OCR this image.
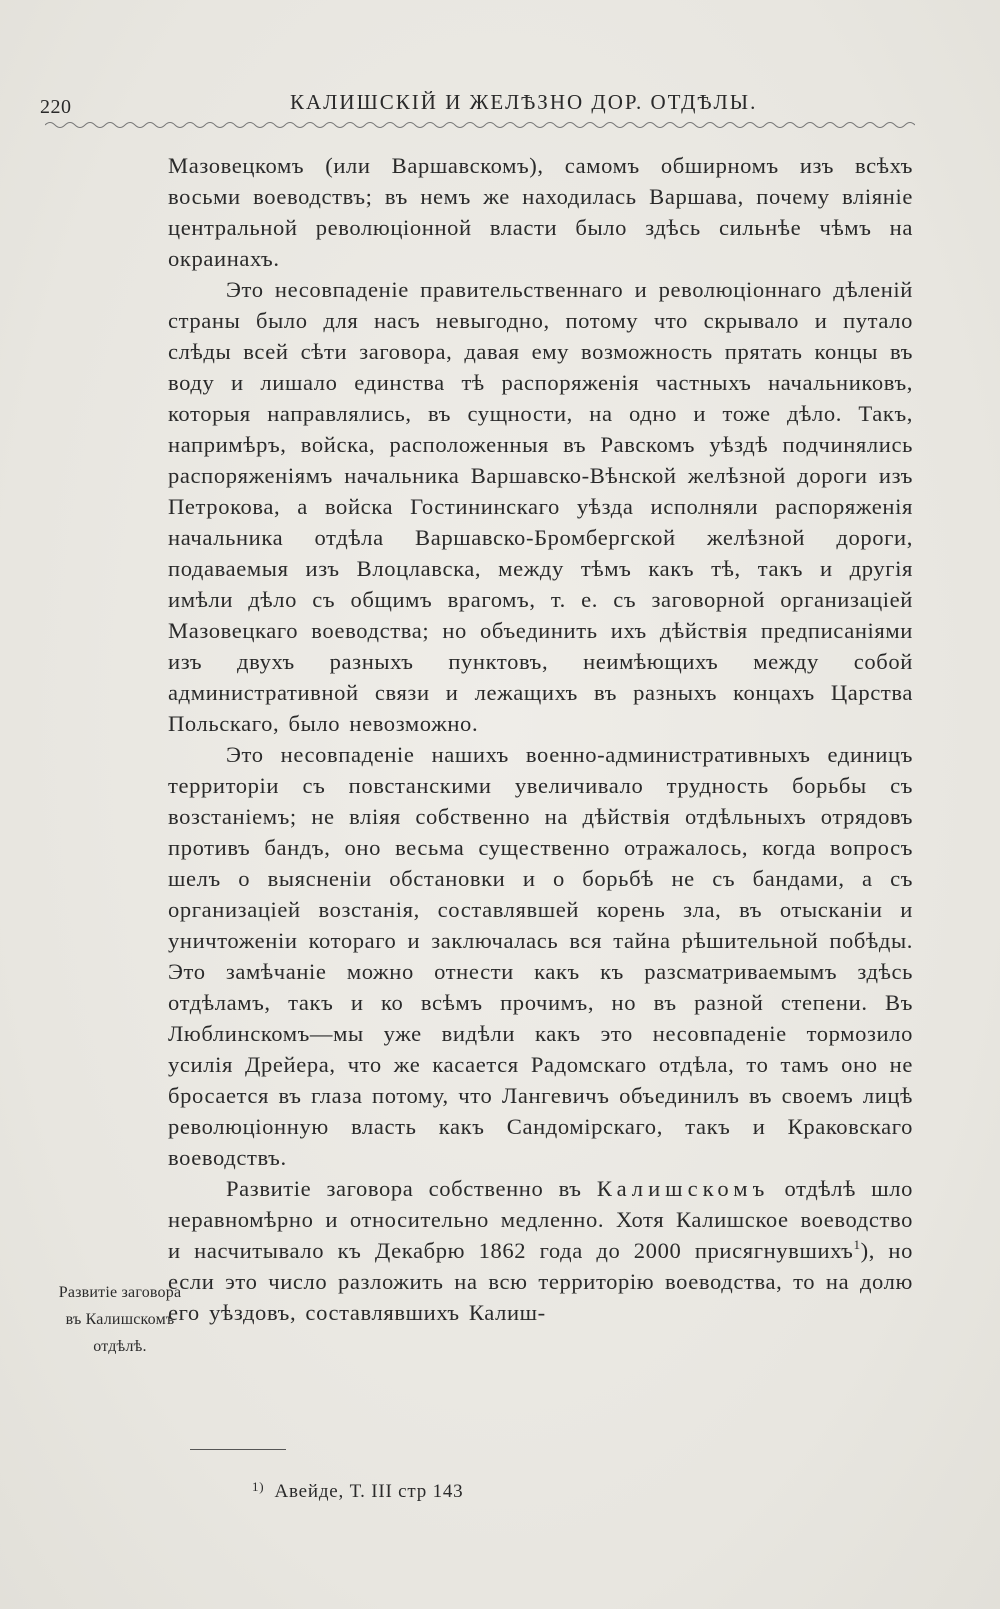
220	КАЛИШСКІЙ И ЖЕЛѢЗНО ДОР. ОТДѢЛЫ.

Мазовецкомъ (или Варшавскомъ), самомъ обширномъ изъ всѣхъ восьми воеводствъ; въ немъ же находилась Варшава, почему вліяніе центральной революціонной власти было здѣсь сильнѣе чѣмъ на окраинахъ.

Это несовпаденіе правительственнаго и революціоннаго дѣленій страны было для насъ невыгодно, потому что скрывало и путало слѣды всей сѣти заговора, давая ему возможность прятать концы въ воду и лишало единства тѣ распоряженія частныхъ начальниковъ, которыя направлялись, въ сущности, на одно и тоже дѣло. Такъ, напримѣръ, войска, расположенныя въ Равскомъ уѣздѣ подчинялись распоряженіямъ начальника Варшавско-Вѣнской желѣзной дороги изъ Петрокова, а войска Гостининскаго уѣзда исполняли распоряженія начальника отдѣла Варшавско-Бромбергской желѣзной дороги, подаваемыя изъ Влоцлавска, между тѣмъ какъ тѣ, такъ и другія имѣли дѣло съ общимъ врагомъ, т. е. съ заговорной организаціей Мазовецкаго воеводства; но объединить ихъ дѣйствія предписаніями изъ двухъ разныхъ пунктовъ, неимѣющихъ между собой административной связи и лежащихъ въ разныхъ концахъ Царства Польскаго, было невозможно.

Это несовпаденіе нашихъ военно-административныхъ единицъ территоріи съ повстанскими увеличивало трудность борьбы съ возстаніемъ; не вліяя собственно на дѣйствія отдѣльныхъ отрядовъ противъ бандъ, оно весьма существенно отражалось, когда вопросъ шелъ о выясненіи обстановки и о борьбѣ не съ бандами, а съ организаціей возстанія, составлявшей корень зла, въ отысканіи и уничтоженіи котораго и заключалась вся тайна рѣшительной побѣды. Это замѣчаніе можно отнести какъ къ разсматриваемымъ здѣсь отдѣламъ, такъ и ко всѣмъ прочимъ, но въ разной степени. Въ Люблинскомъ—мы уже видѣли какъ это несовпаденіе тормозило усилія Дрейера, что же касается Радомскаго отдѣла, то тамъ оно не бросается въ глаза потому, что Лангевичъ объединилъ въ своемъ лицѣ революціонную власть какъ Сандомірскаго, такъ и Краковскаго воеводствъ.

Развитіе заговора собственно въ Калишскомъ отдѣлѣ шло неравномѣрно и относительно медленно. Хотя Калишское воеводство и насчитывало къ Декабрю 1862 года до 2000 присягнувшихъ$^1$), но если это число разложить на всю территорію воеводства, то на долю его уѣздовъ, составлявшихъ Калиш-

Развитіе заговора въ Калишскомъ отдѣлѣ.
$^{1)}$ Авейде, Т. III стр 143
